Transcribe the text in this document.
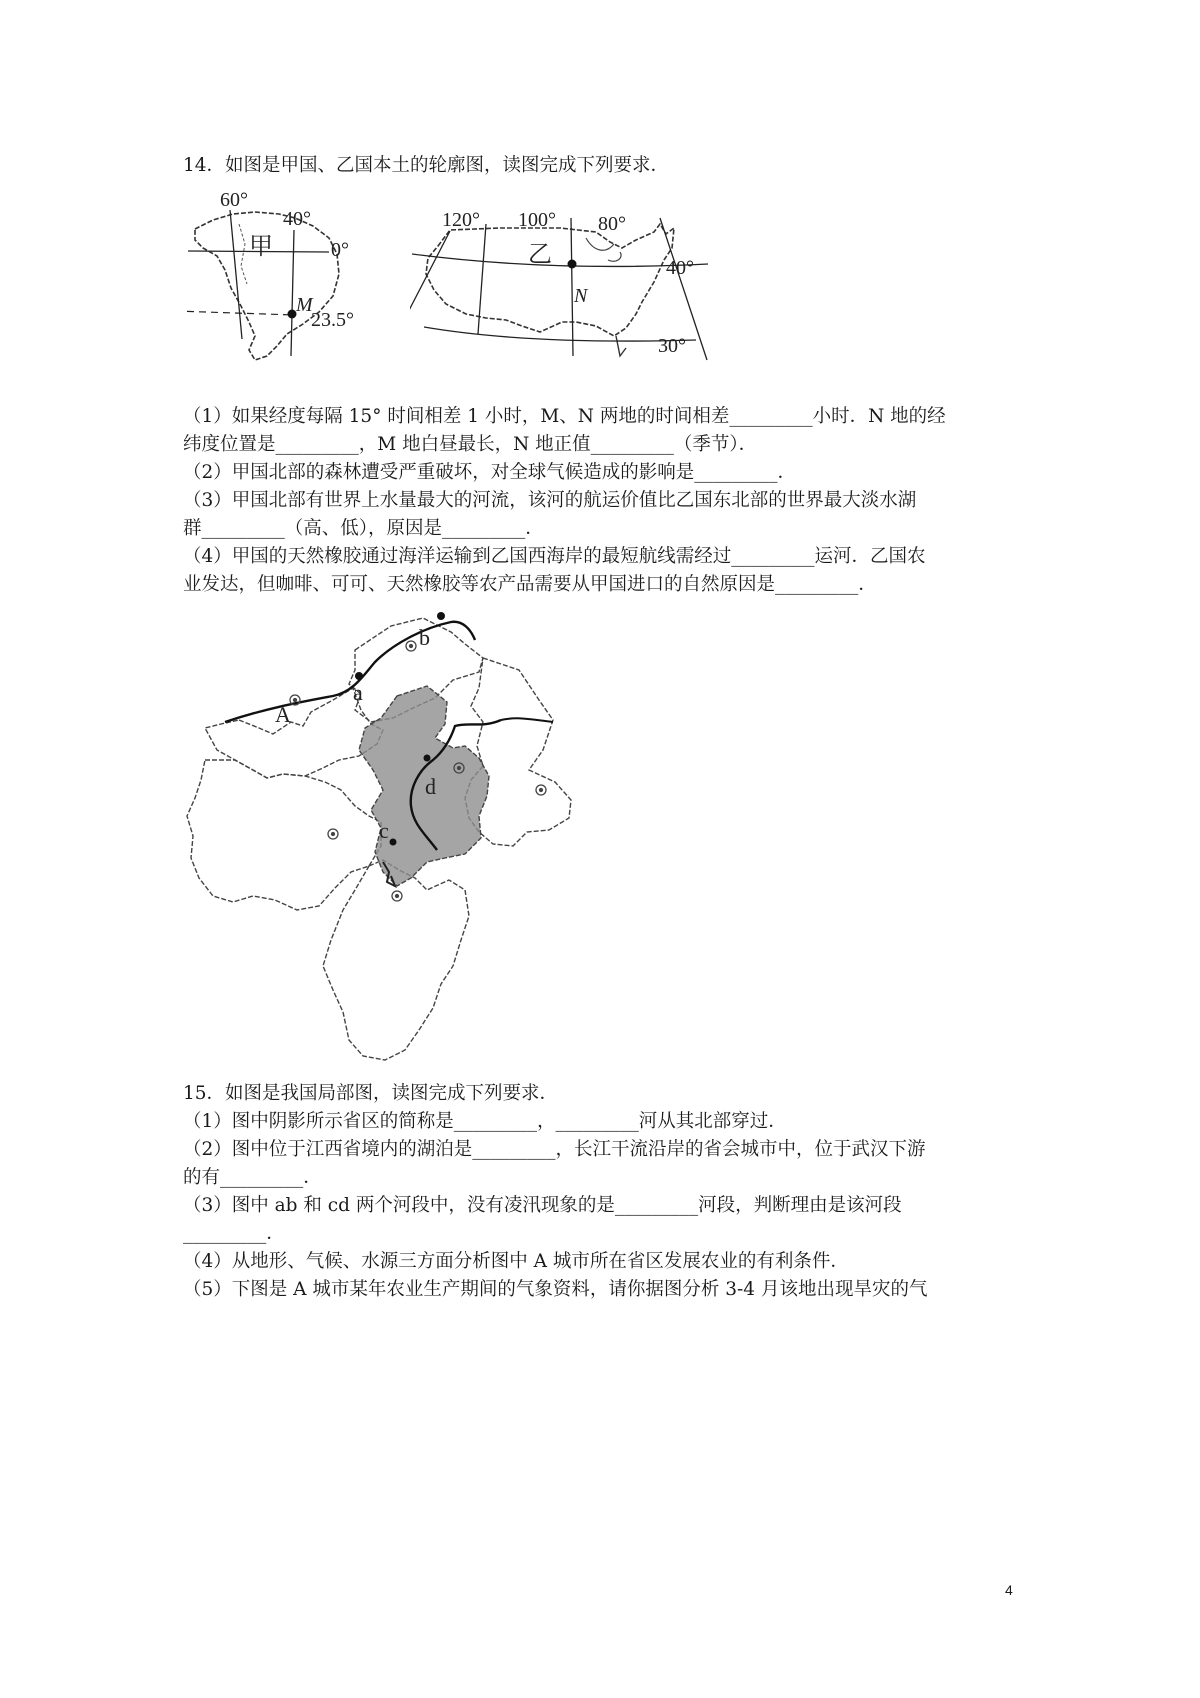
14．如图是甲国、乙国本土的轮廓图，读图完成下列要求．
60°
40°
0°
23.5°
M
甲
120° 100° 80°
40°
30°
乙
N
（1）如果经度每隔 15° 时间相差 1 小时，M、N 两地的时间相差_________小时．N 地的经
纬度位置是_________，M 地白昼最长，N 地正值_________（季节）．
（2）甲国北部的森林遭受严重破坏，对全球气候造成的影响是_________．
（3）甲国北部有世界上水量最大的河流，该河的航运价值比乙国东北部的世界最大淡水湖
群_________（高、低），原因是_________．
（4）甲国的天然橡胶通过海洋运输到乙国西海岸的最短航线需经过_________运河．乙国农
业发达，但咖啡、可可、天然橡胶等农产品需要从甲国进口的自然原因是_________．
a
b
c
d
A
15．如图是我国局部图，读图完成下列要求．
（1）图中阴影所示省区的简称是_________，_________河从其北部穿过．
（2）图中位于江西省境内的湖泊是_________，长江干流沿岸的省会城市中，位于武汉下游
的有_________．
（3）图中 ab 和 cd 两个河段中，没有凌汛现象的是_________河段，判断理由是该河段
_________．
（4）从地形、气候、水源三方面分析图中 A 城市所在省区发展农业的有利条件．
（5）下图是 A 城市某年农业生产期间的气象资料，请你据图分析 3-4 月该地出现旱灾的气
4
